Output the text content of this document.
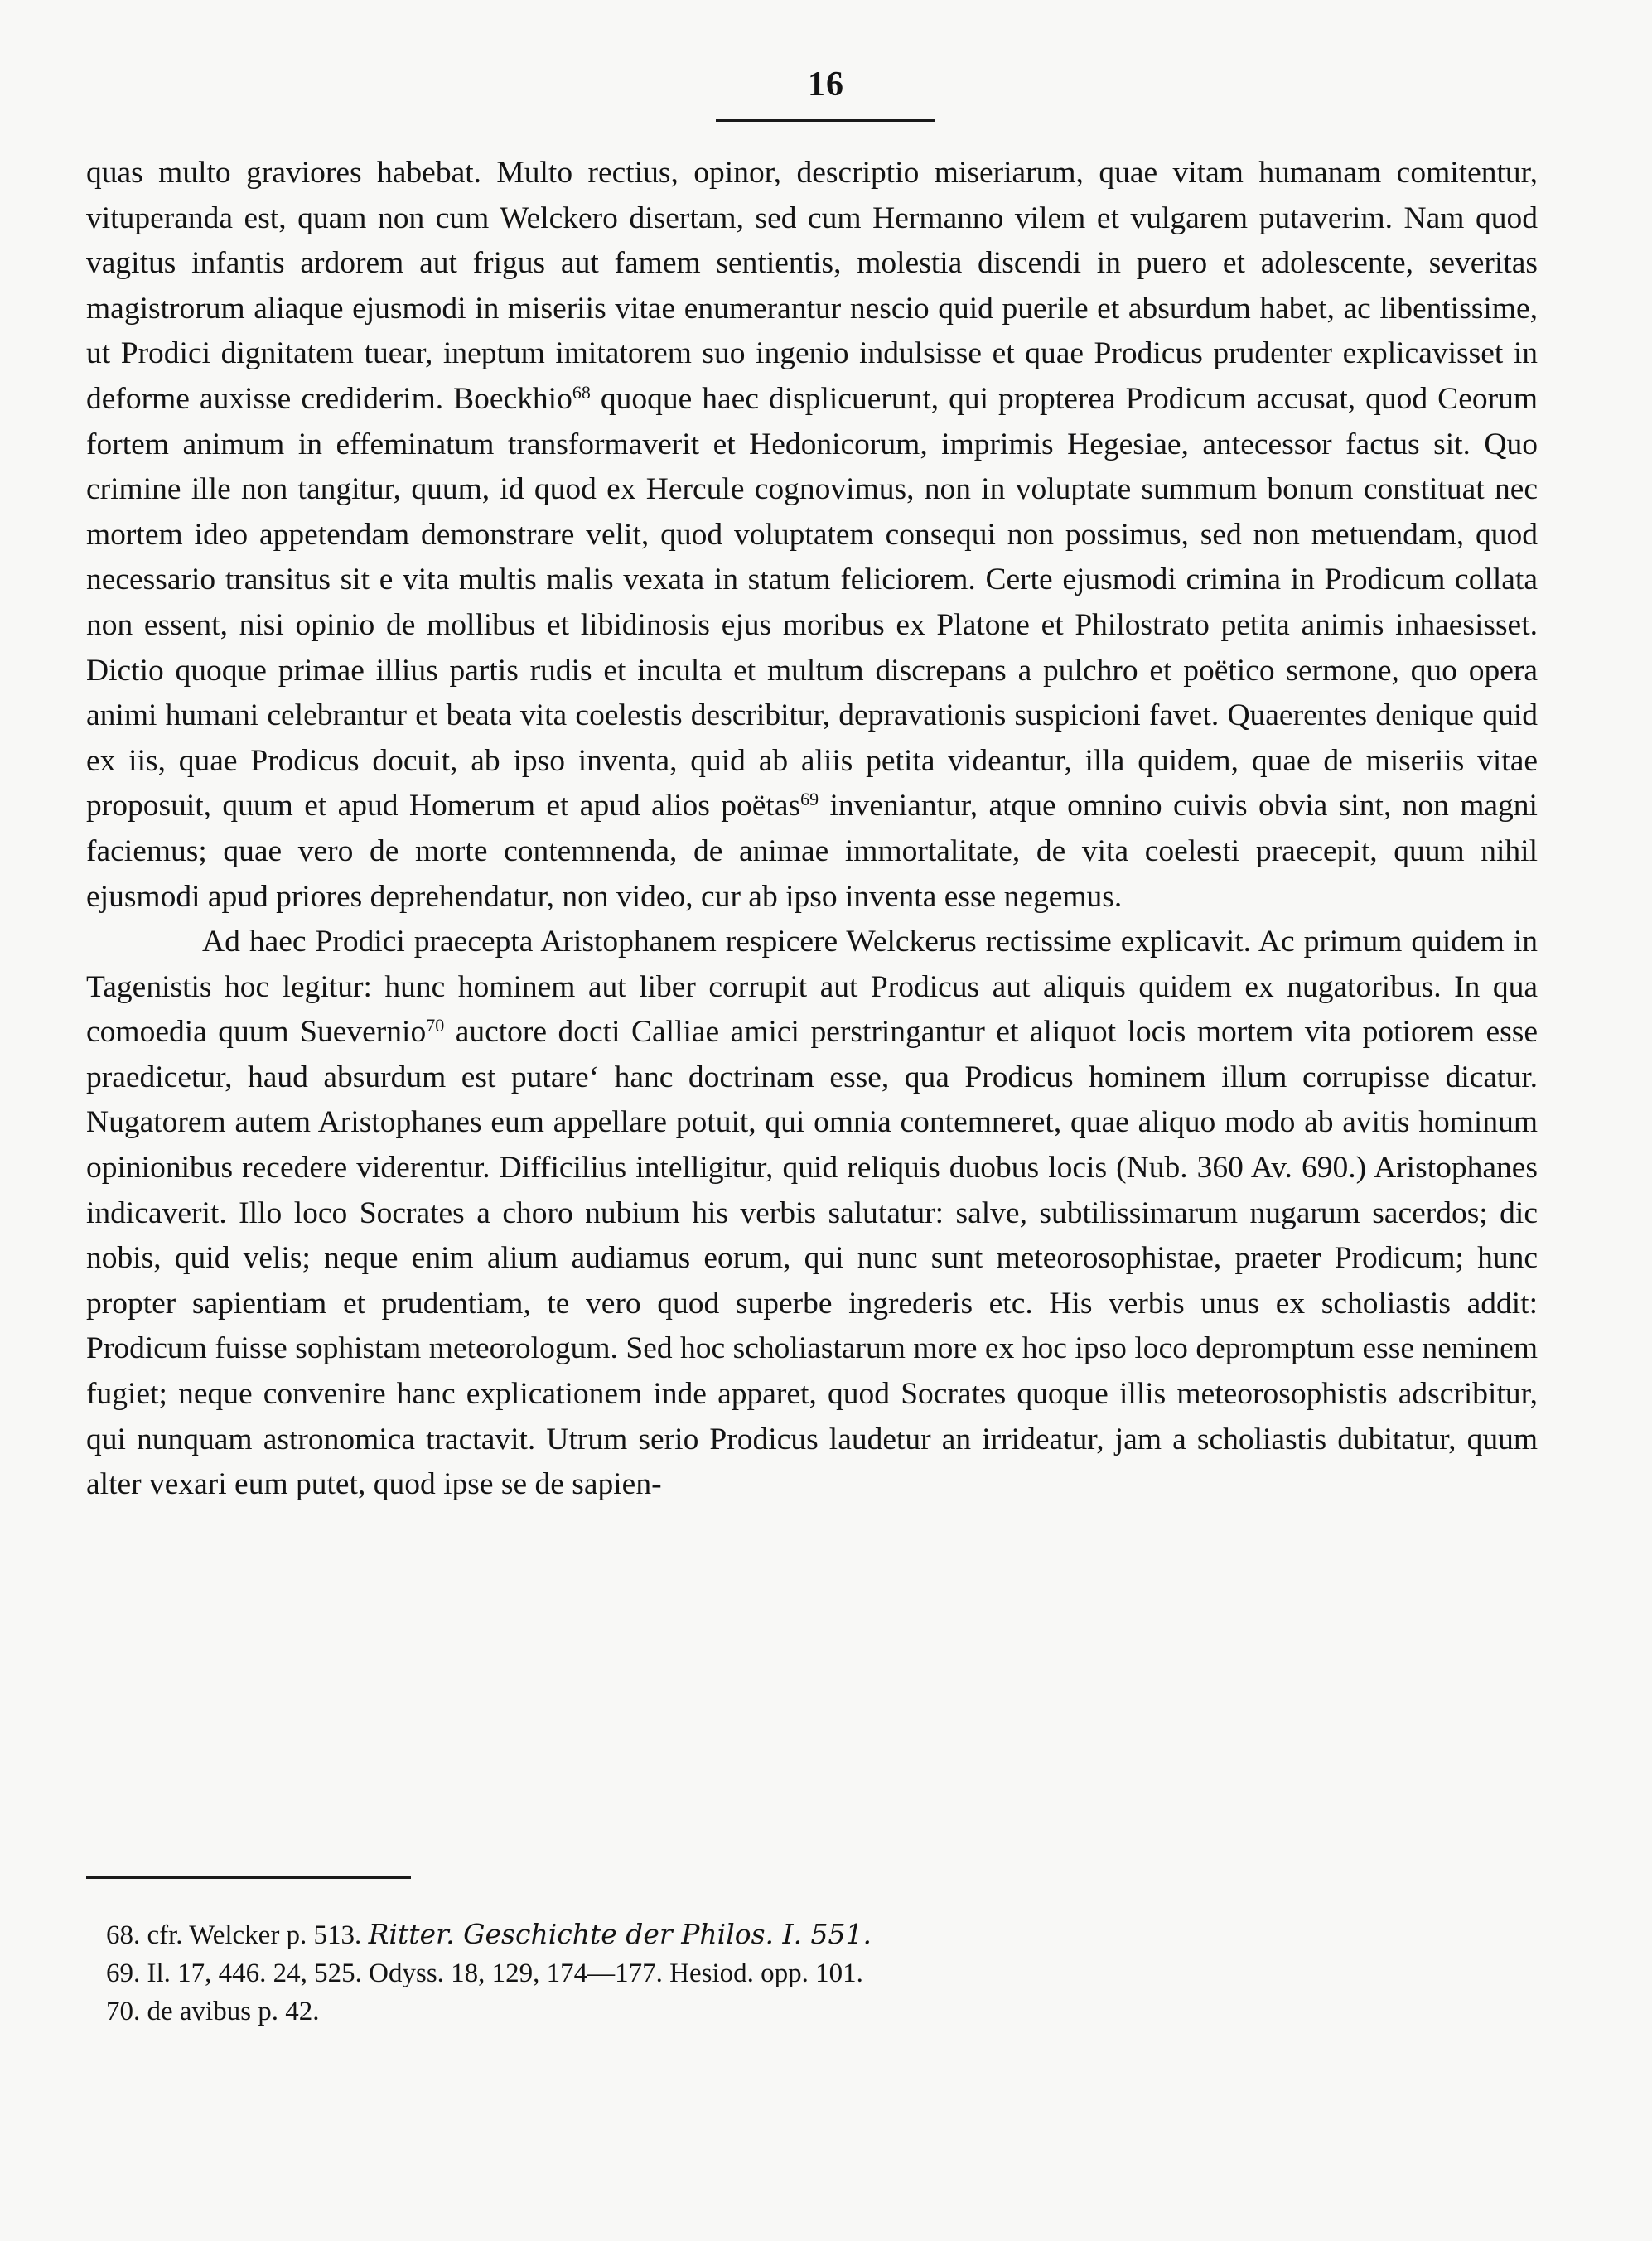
16

quas multo graviores habebat. Multo rectius, opinor, descriptio miseriarum, quae vitam humanam comitentur, vituperanda est, quam non cum Welckero disertam, sed cum Hermanno vilem et vulgarem putaverim. Nam quod vagitus infantis ardorem aut frigus aut famem sentientis, molestia discendi in puero et adolescente, severitas magistrorum aliaque ejusmodi in miseriis vitae enumerantur nescio quid puerile et absurdum habet, ac libentissime, ut Prodici dignitatem tuear, ineptum imitatorem suo ingenio indulsisse et quae Prodicus prudenter explicavisset in deforme auxisse crediderim. Boeckhio$^{68}$ quoque haec displicuerunt, qui propterea Prodicum accusat, quod Ceorum fortem animum in effeminatum transformaverit et Hedonicorum, imprimis Hegesiae, antecessor factus sit. Quo crimine ille non tangitur, quum, id quod ex Hercule cognovimus, non in voluptate summum bonum constituat nec mortem ideo appetendam demonstrare velit, quod voluptatem consequi non possimus, sed non metuendam, quod necessario transitus sit e vita multis malis vexata in statum feliciorem. Certe ejusmodi crimina in Prodicum collata non essent, nisi opinio de mollibus et libidinosis ejus moribus ex Platone et Philostrato petita animis inhaesisset. Dictio quoque primae illius partis rudis et inculta et multum discrepans a pulchro et poëtico sermone, quo opera animi humani celebrantur et beata vita coelestis describitur, depravationis suspicioni favet. Quaerentes denique quid ex iis, quae Prodicus docuit, ab ipso inventa, quid ab aliis petita videantur, illa quidem, quae de miseriis vitae proposuit, quum et apud Homerum et apud alios poëtas$^{69}$ inveniantur, atque omnino cuivis obvia sint, non magni faciemus; quae vero de morte contemnenda, de animae immortalitate, de vita coelesti praecepit, quum nihil ejusmodi apud priores deprehendatur, non video, cur ab ipso inventa esse negemus.

Ad haec Prodici praecepta Aristophanem respicere Welckerus rectissime explicavit. Ac primum quidem in Tagenistis hoc legitur: hunc hominem aut liber corrupit aut Prodicus aut aliquis quidem ex nugatoribus. In qua comoedia quum Suevernio$^{70}$ auctore docti Calliae amici perstringantur et aliquot locis mortem vita potiorem esse praedicetur, haud absurdum est putare‘ hanc doctrinam esse, qua Prodicus hominem illum corrupisse dicatur. Nugatorem autem Aristophanes eum appellare potuit, qui omnia contemneret, quae aliquo modo ab avitis hominum opinionibus recedere viderentur. Difficilius intelligitur, quid reliquis duobus locis (Nub. 360 Av. 690.) Aristophanes indicaverit. Illo loco Socrates a choro nubium his verbis salutatur: salve, subtilissimarum nugarum sacerdos; dic nobis, quid velis; neque enim alium audiamus eorum, qui nunc sunt meteorosophistae, praeter Prodicum; hunc propter sapientiam et prudentiam, te vero quod superbe ingrederis etc. His verbis unus ex scholiastis addit: Prodicum fuisse sophistam meteorologum. Sed hoc scholiastarum more ex hoc ipso loco depromptum esse neminem fugiet; neque convenire hanc explicationem inde apparet, quod Socrates quoque illis meteorosophistis adscribitur, qui nunquam astronomica tractavit. Utrum serio Prodicus laudetur an irrideatur, jam a scholiastis dubitatur, quum alter vexari eum putet, quod ipse se de sapien-

68. cfr. Welcker p. 513. Ritter. Geschichte der Philos. I. 551.
69. Il. 17, 446. 24, 525. Odyss. 18, 129, 174—177. Hesiod. opp. 101.
70. de avibus p. 42.
